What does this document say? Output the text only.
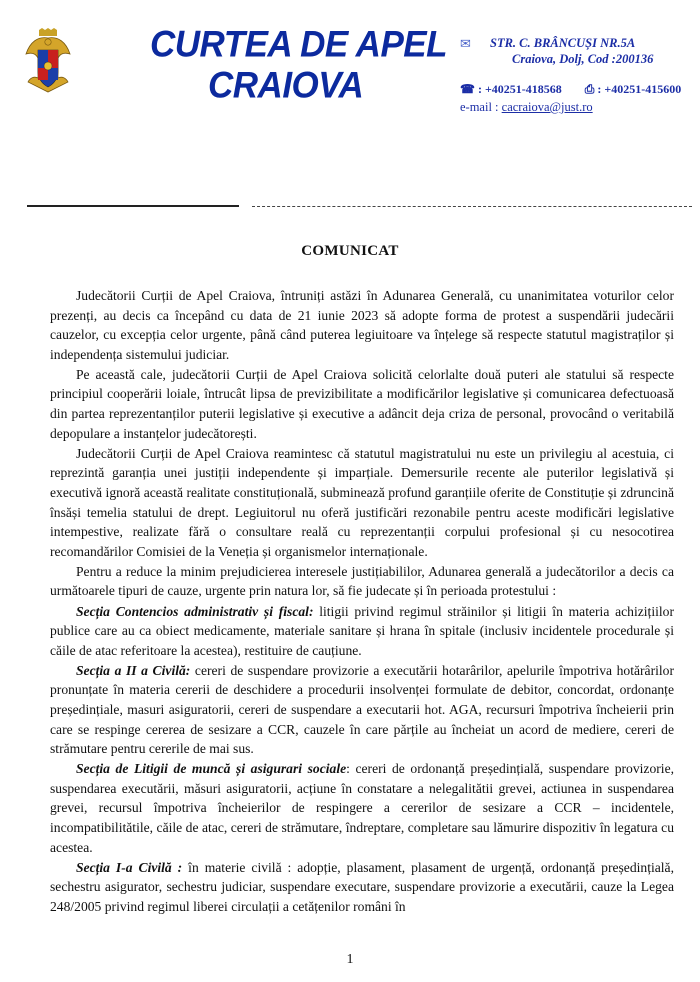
CURTEA DE APEL
CRAIOVA
✉ STR. C. BRÂNCUȘI NR.5A
Craiova, Dolj, Cod :200136
☎ : +40251-418568 ⎙ : +40251-415600
e-mail : cacraiova@just.ro
COMUNICAT

Judecătorii Curții de Apel Craiova, întruniți astăzi în Adunarea Generală, cu unanimitatea voturilor celor prezenți, au decis ca începând cu data de 21 iunie 2023 să adopte forma de protest a suspendării judecării cauzelor, cu excepția celor urgente, până când puterea legiuitoare va înțelege să respecte statutul magistraților și independența sistemului judiciar.

Pe această cale, judecătorii Curții de Apel Craiova solicită celorlalte două puteri ale statului să respecte principiul cooperării loiale, întrucât lipsa de previzibilitate a modificărilor legislative și comunicarea defectuoasă din partea reprezentanților puterii legislative și executive a adâncit deja criza de personal, provocând o veritabilă depopulare a instanțelor judecătorești.

Judecătorii Curții de Apel Craiova reamintesc că statutul magistratului nu este un privilegiu al acestuia, ci reprezintă garanția unei justiții independente și imparțiale. Demersurile recente ale puterilor legislativă și executivă ignoră această realitate constituțională, subminează profund garanțiile oferite de Constituție și zdruncină însăși temelia statului de drept. Legiuitorul nu oferă justificări rezonabile pentru aceste modificări legislative intempestive, realizate fără o consultare reală cu reprezentanții corpului profesional și cu nesocotirea recomandărilor Comisiei de la Veneția și organismelor internaționale.

Pentru a reduce la minim prejudicierea interesele justițiabililor, Adunarea generală a judecătorilor a decis ca următoarele tipuri de cauze, urgente prin natura lor, să fie judecate și în perioada protestului :

Secția Contencios administrativ și fiscal: litigii privind regimul străinilor și litigii în materia achizițiilor publice care au ca obiect medicamente, materiale sanitare și hrana în spitale (inclusiv incidentele procedurale și căile de atac referitoare la acestea), restituire de cauțiune.

Secția a II a Civilă: cereri de suspendare provizorie a executării hotarârilor, apelurile împotriva hotărârilor pronunțate în materia cererii de deschidere a procedurii insolvenței formulate de debitor, concordat, ordonanțe președințiale, masuri asiguratorii, cereri de suspendare a executarii hot. AGA, recursuri împotriva încheierii prin care se respinge cererea de sesizare a CCR, cauzele în care părțile au încheiat un acord de mediere, cereri de strămutare pentru cererile de mai sus.

Secția de Litigii de muncă și asigurari sociale: cereri de ordonanță președințială, suspendare provizorie, suspendarea executării, măsuri asiguratorii, acțiune în constatare a nelegalitătii grevei, actiunea in suspendarea grevei, recursul împotriva încheierilor de respingere a cererilor de sesizare a CCR – incidentele, incompatibilitătile, căile de atac, cereri de strămutare, îndreptare, completare sau lămurire dispozitiv în legatura cu acestea.

Secția I-a Civilă : în materie civilă : adopție, plasament, plasament de urgență, ordonanță președințială, sechestru asigurator, sechestru judiciar, suspendare executare, suspendare provizorie a executării, cauze la Legea 248/2005 privind regimul liberei circulații a cetățenilor români în

1
